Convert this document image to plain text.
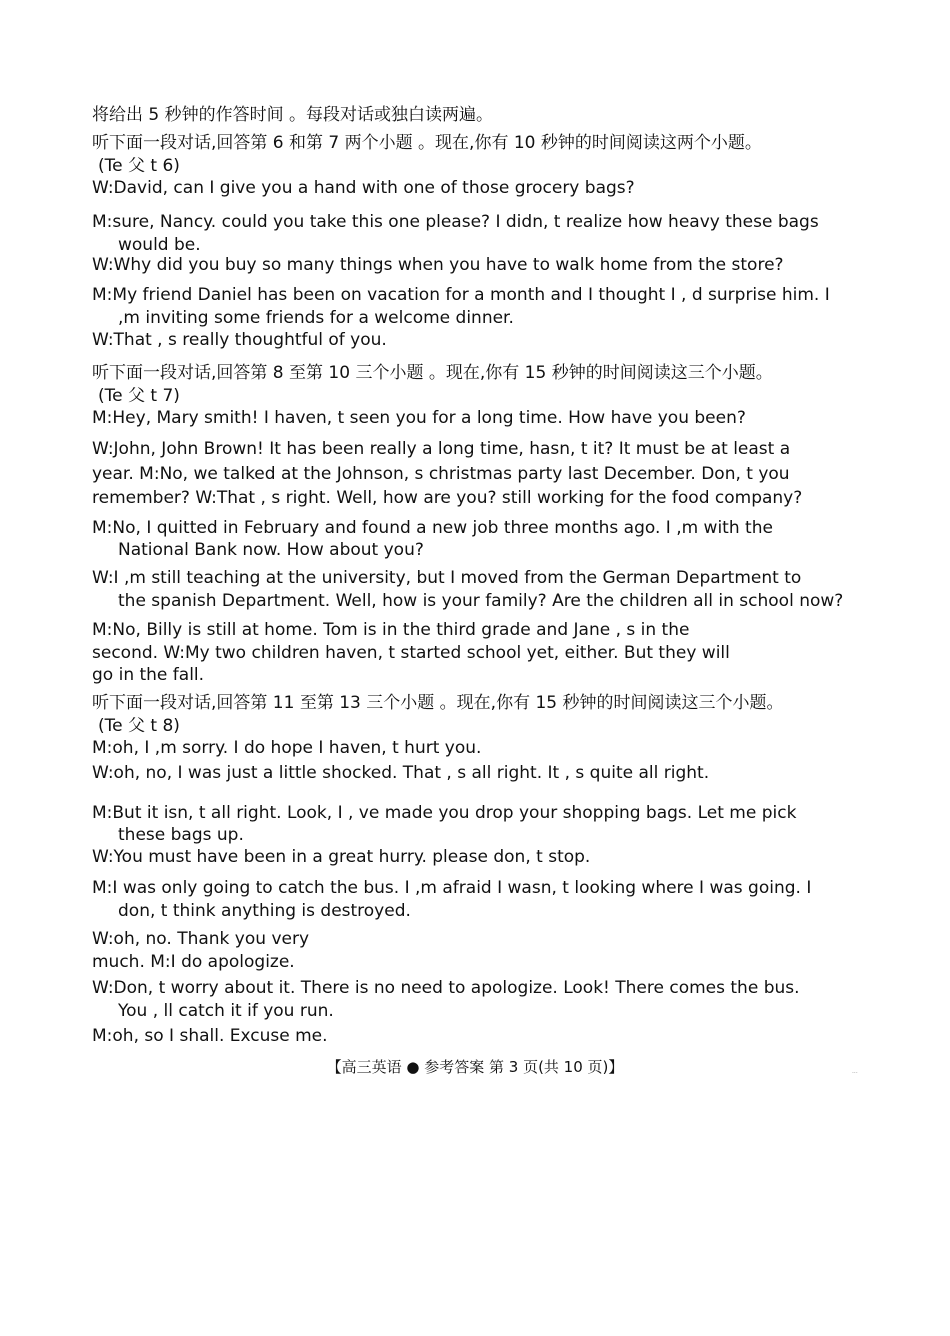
将给出 5 秒钟的作答时间 。每段对话或独白读两遍。
听下面一段对话,回答第 6 和第 7 两个小题 。现在,你有 10 秒钟的时间阅读这两个小题。
(Te 父 t 6)
W:David, can I give you a hand with one of those grocery bags?
M:sure, Nancy. could you take this one please? I didn, t realize how heavy these bags
would be.
W:Why did you buy so many things when you have to walk home from the store?
M:My friend Daniel has been on vacation for a month and I thought I , d surprise him. I
,m inviting some friends for a welcome dinner.
W:That , s really thoughtful of you.
听下面一段对话,回答第 8 至第 10 三个小题 。现在,你有 15 秒钟的时间阅读这三个小题。
(Te 父 t 7)
M:Hey, Mary smith! I haven, t seen you for a long time. How have you been?
W:John, John Brown! It has been really a long time, hasn, t it? It must be at least a
year. M:No, we talked at the Johnson, s christmas party last December. Don, t you
remember? W:That , s right. Well, how are you? still working for the food company?
M:No, I quitted in February and found a new job three months ago. I ,m with the
National Bank now. How about you?
W:I ,m still teaching at the university, but I moved from the German Department to
the spanish Department. Well, how is your family? Are the children all in school now?
M:No, Billy is still at home. Tom is in the third grade and Jane , s in the
second. W:My two children haven, t started school yet, either. But they will
go in the fall.
听下面一段对话,回答第 11 至第 13 三个小题 。现在,你有 15 秒钟的时间阅读这三个小题。
(Te 父 t 8)
M:oh, I ,m sorry. I do hope I haven, t hurt you.
W:oh, no, I was just a little shocked. That , s all right. It , s quite all right.
M:But it isn, t all right. Look, I , ve made you drop your shopping bags. Let me pick
these bags up.
W:You must have been in a great hurry. please don, t stop.
M:I was only going to catch the bus. I ,m afraid I wasn, t looking where I was going. I
don, t think anything is destroyed.
W:oh, no. Thank you very
much. M:I do apologize.
W:Don, t worry about it. There is no need to apologize. Look! There comes the bus.
You , ll catch it if you run.
M:oh, so I shall. Excuse me.
【高三英语 ● 参考答案 第 3 页(共 10 页)】	...
